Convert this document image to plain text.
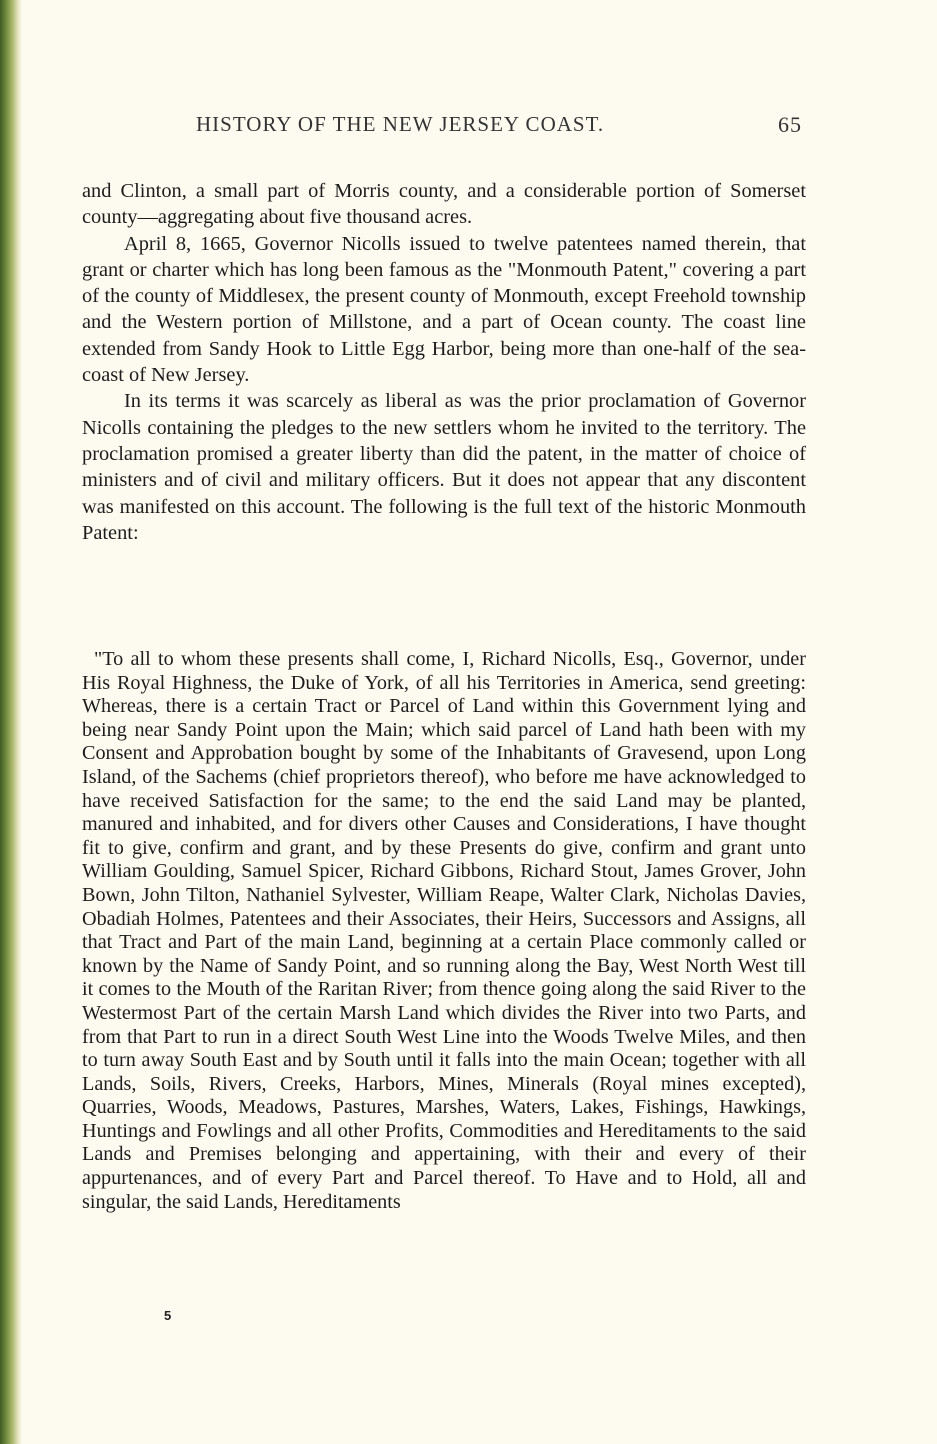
HISTORY OF THE NEW JERSEY COAST.	65

and Clinton, a small part of Morris county, and a considerable portion of Somerset county—aggregating about five thousand acres.

April 8, 1665, Governor Nicolls issued to twelve patentees named therein, that grant or charter which has long been famous as the "Monmouth Patent," covering a part of the county of Middlesex, the present county of Monmouth, except Freehold township and the Western portion of Millstone, and a part of Ocean county. The coast line extended from Sandy Hook to Little Egg Harbor, being more than one-half of the sea-coast of New Jersey.

In its terms it was scarcely as liberal as was the prior proclamation of Governor Nicolls containing the pledges to the new settlers whom he invited to the territory. The proclamation promised a greater liberty than did the patent, in the matter of choice of ministers and of civil and military officers. But it does not appear that any discontent was manifested on this account. The following is the full text of the historic Monmouth Patent:

"To all to whom these presents shall come, I, Richard Nicolls, Esq., Governor, under His Royal Highness, the Duke of York, of all his Territories in America, send greeting: Whereas, there is a certain Tract or Parcel of Land within this Government lying and being near Sandy Point upon the Main; which said parcel of Land hath been with my Consent and Approbation bought by some of the Inhabitants of Gravesend, upon Long Island, of the Sachems (chief proprietors thereof), who before me have acknowledged to have received Satisfaction for the same; to the end the said Land may be planted, manured and inhabited, and for divers other Causes and Considerations, I have thought fit to give, confirm and grant, and by these Presents do give, confirm and grant unto William Goulding, Samuel Spicer, Richard Gibbons, Richard Stout, James Grover, John Bown, John Tilton, Nathaniel Sylvester, William Reape, Walter Clark, Nicholas Davies, Obadiah Holmes, Patentees and their Associates, their Heirs, Successors and Assigns, all that Tract and Part of the main Land, beginning at a certain Place commonly called or known by the Name of Sandy Point, and so running along the Bay, West North West till it comes to the Mouth of the Raritan River; from thence going along the said River to the Westermost Part of the certain Marsh Land which divides the River into two Parts, and from that Part to run in a direct South West Line into the Woods Twelve Miles, and then to turn away South East and by South until it falls into the main Ocean; together with all Lands, Soils, Rivers, Creeks, Harbors, Mines, Minerals (Royal mines excepted), Quarries, Woods, Meadows, Pastures, Marshes, Waters, Lakes, Fishings, Hawkings, Huntings and Fowlings and all other Profits, Commodities and Hereditaments to the said Lands and Premises belonging and appertaining, with their and every of their appurtenances, and of every Part and Parcel thereof. To Have and to Hold, all and singular, the said Lands, Hereditaments

5
